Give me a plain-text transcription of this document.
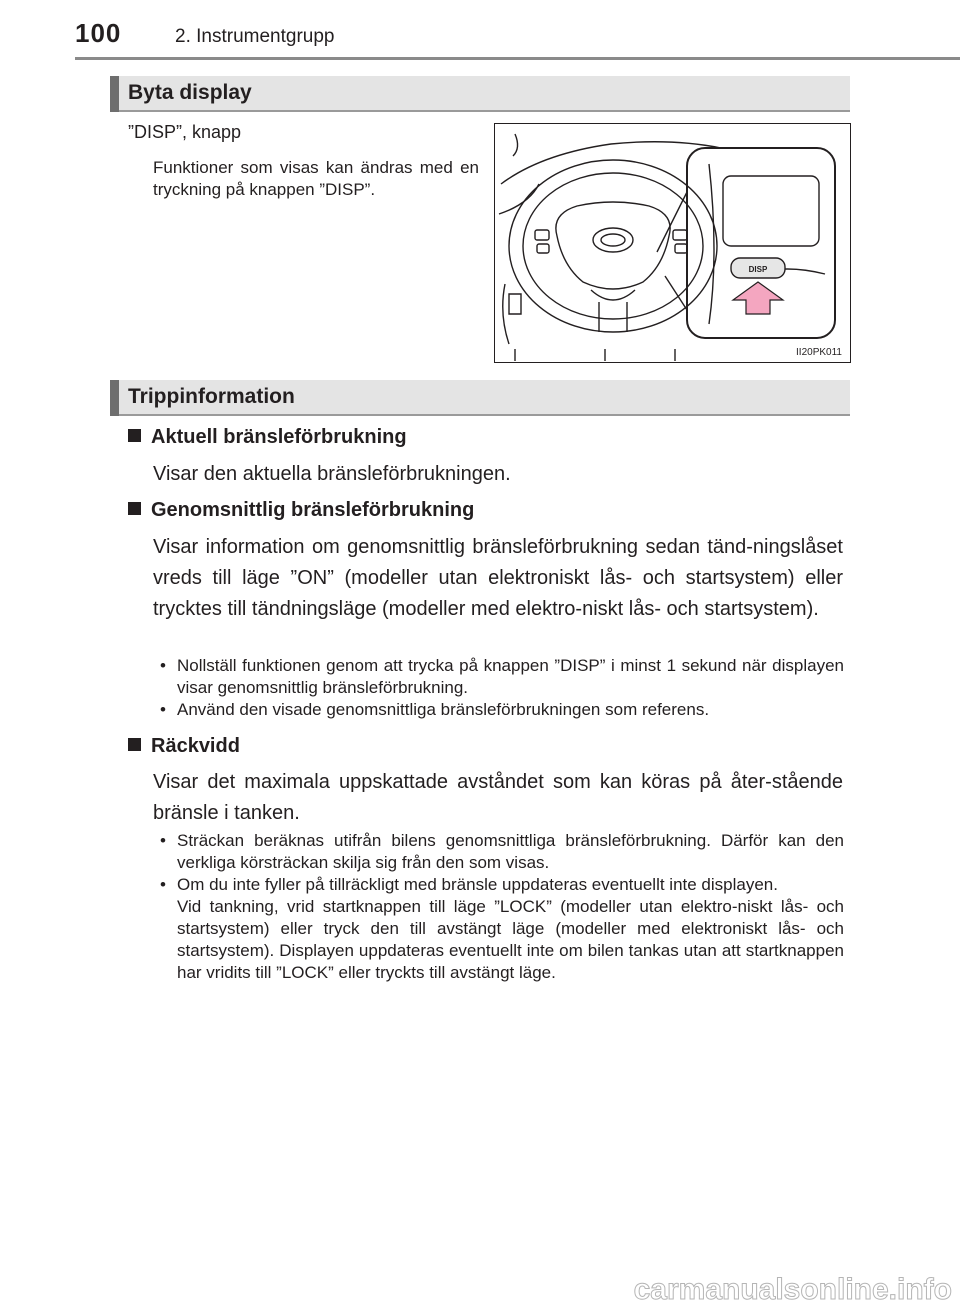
100	2. Instrumentgrupp
Byta display
”DISP”, knapp
Funktioner som visas kan ändras med en tryckning på knappen ”DISP”.
DISP
II20PK011
Trippinformation
Aktuell bränsleförbrukning
Visar den aktuella bränsleförbrukningen.
Genomsnittlig bränsleförbrukning
Visar information om genomsnittlig bränsleförbrukning sedan tänd-ningslåset vreds till läge ”ON” (modeller utan elektroniskt lås- och startsystem) eller trycktes till tändningsläge (modeller med elektro-niskt lås- och startsystem).
• Nollställ funktionen genom att trycka på knappen ”DISP” i minst 1 sekund när displayen visar genomsnittlig bränsleförbrukning.
• Använd den visade genomsnittliga bränsleförbrukningen som referens.
Räckvidd
Visar det maximala uppskattade avståndet som kan köras på åter-stående bränsle i tanken.
• Sträckan beräknas utifrån bilens genomsnittliga bränsleförbrukning. Därför kan den verkliga körsträckan skilja sig från den som visas.
• Om du inte fyller på tillräckligt med bränsle uppdateras eventuellt inte displayen.
Vid tankning, vrid startknappen till läge ”LOCK” (modeller utan elektro-niskt lås- och startsystem) eller tryck den till avstängt läge (modeller med elektroniskt lås- och startsystem). Displayen uppdateras eventuellt inte om bilen tankas utan att startknappen har vridits till ”LOCK” eller tryckts till avstängt läge.
carmanualsonline.info
